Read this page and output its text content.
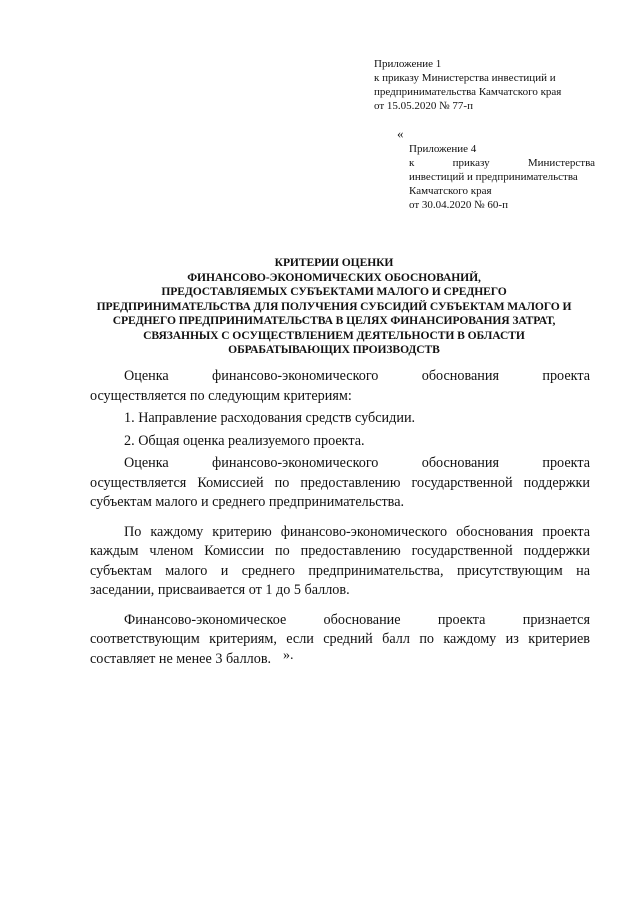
Приложение 1
к приказу Министерства инвестиций и
предпринимательства Камчатского края
от 15.05.2020 № 77-п
«
Приложение 4
к	приказу	Министерства
инвестиций и предпринимательства
Камчатского края
от 30.04.2020 № 60-п
КРИТЕРИИ ОЦЕНКИ
ФИНАНСОВО-ЭКОНОМИЧЕСКИХ ОБОСНОВАНИЙ,
ПРЕДОСТАВЛЯЕМЫХ СУБЪЕКТАМИ МАЛОГО И СРЕДНЕГО
ПРЕДПРИНИМАТЕЛЬСТВА ДЛЯ ПОЛУЧЕНИЯ СУБСИДИЙ СУБЪЕКТАМ МАЛОГО И
СРЕДНЕГО ПРЕДПРИНИМАТЕЛЬСТВА В ЦЕЛЯХ ФИНАНСИРОВАНИЯ ЗАТРАТ,
СВЯЗАННЫХ С ОСУЩЕСТВЛЕНИЕМ ДЕЯТЕЛЬНОСТИ В ОБЛАСТИ
ОБРАБАТЫВАЮЩИХ ПРОИЗВОДСТВ
Оценка финансово-экономического обоснования проекта
осуществляется по следующим критериям:
1. Направление расходования средств субсидии.
2. Общая оценка реализуемого проекта.
Оценка финансово-экономического обоснования проекта
осуществляется Комиссией по предоставлению государственной поддержки
субъектам малого и среднего предпринимательства.
По каждому критерию финансово-экономического обоснования проекта
каждым членом Комиссии по предоставлению государственной поддержки
субъектам малого и среднего предпринимательства, присутствующим на
заседании, присваивается от 1 до 5 баллов.
Финансово-экономическое обоснование проекта признается
соответствующим критериям, если средний балл по каждому из критериев
составляет не менее 3 баллов. ».
